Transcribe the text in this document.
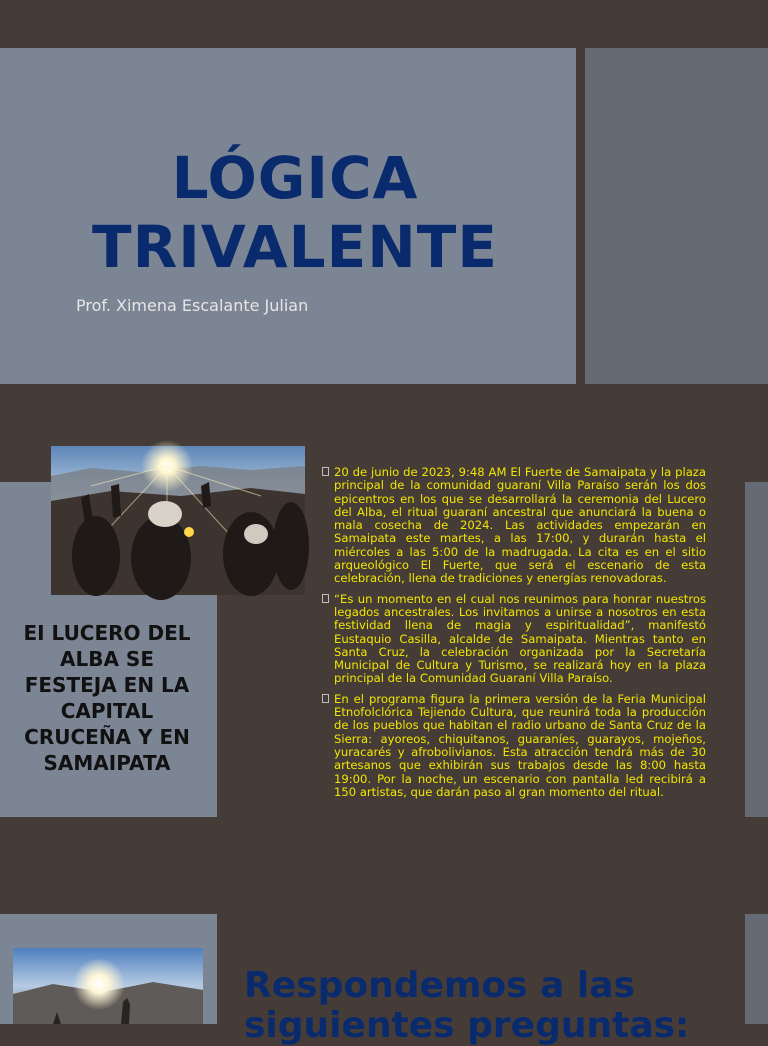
LÓGICA
TRIVALENTE
Prof. Ximena Escalante Julian
EI LUCERO DEL ALBA SE FESTEJA EN LA CAPITAL CRUCEÑA Y EN SAMAIPATA
20 de junio de 2023, 9:48 AM El Fuerte de Samaipata y la plaza principal de la comunidad guaraní Villa Paraíso serán los dos epicentros en los que se desarrollará la ceremonia del Lucero del Alba, el ritual guaraní ancestral que anunciará la buena o mala cosecha de 2024. Las actividades empezarán en Samaipata este martes, a las 17:00, y durarán hasta el miércoles a las 5:00 de la madrugada. La cita es en el sitio arqueológico El Fuerte, que será el escenario de esta celebración, llena de tradiciones y energías renovadoras.
“Es un momento en el cual nos reunimos para honrar nuestros legados ancestrales. Los invitamos a unirse a nosotros en esta festividad llena de magia y espiritualidad”, manifestó Eustaquio Casilla, alcalde de Samaipata. Mientras tanto en Santa Cruz, la celebración organizada por la Secretaría Municipal de Cultura y Turismo, se realizará hoy en la plaza principal de la Comunidad Guaraní Villa Paraíso.
En el programa figura la primera versión de la Feria Municipal Etnofolclórica Tejiendo Cultura, que reunirá toda la producción de los pueblos que habitan el radio urbano de Santa Cruz de la Sierra: ayoreos, chiquitanos, guaraníes, guarayos, mojeños, yuracarés y afrobolivianos. Esta atracción tendrá más de 30 artesanos que exhibirán sus trabajos desde las 8:00 hasta 19:00. Por la noche, un escenario con pantalla led recibirá a 150 artistas, que darán paso al gran momento del ritual.
Respondemos a las siguientes preguntas:
